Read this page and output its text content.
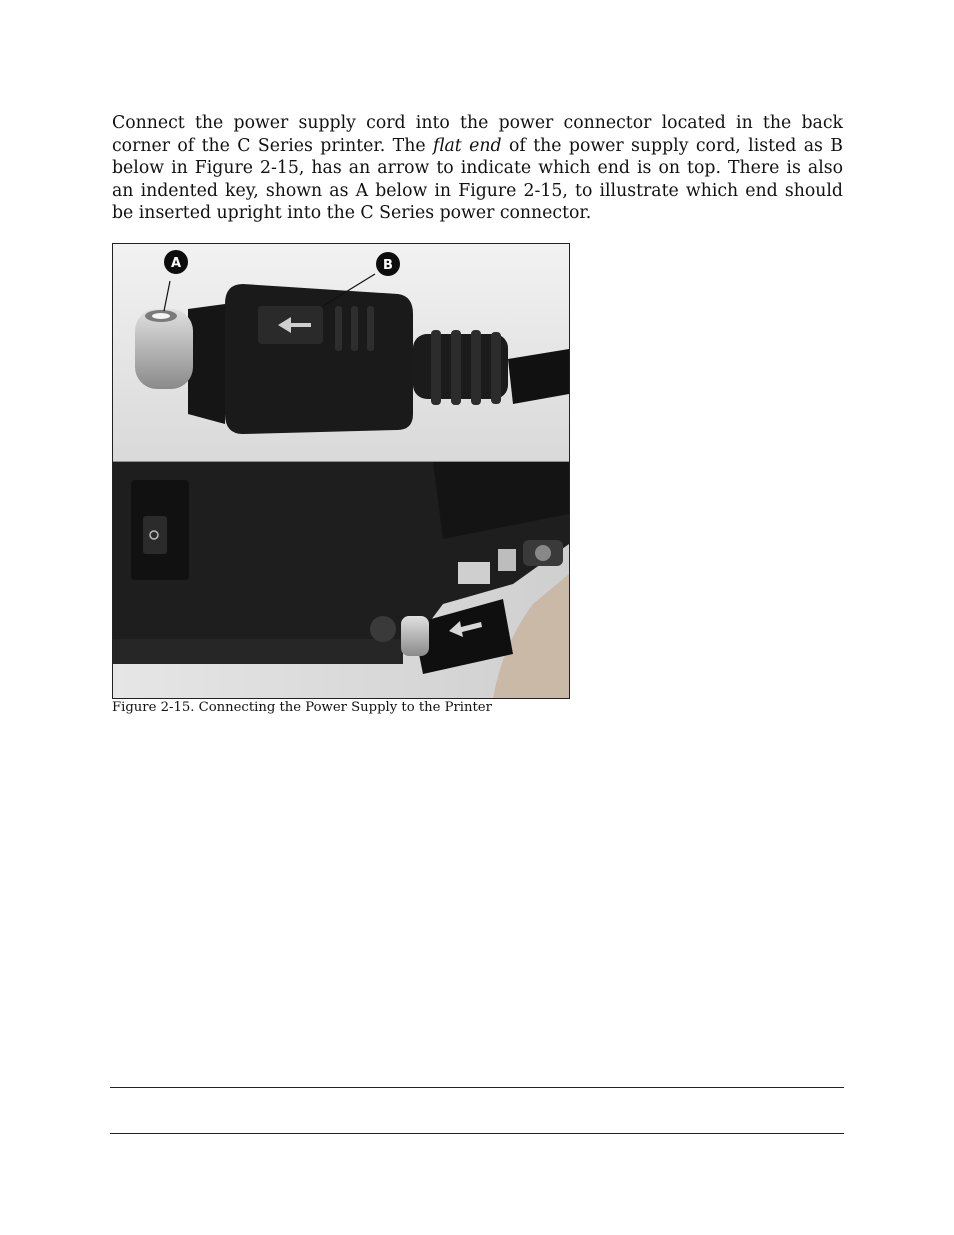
Connect the power supply cord into the power connector located in the back corner of the C Series printer. The flat end of the power supply cord, listed as B below in Figure 2-15, has an arrow to indicate which end is on top. There is also an indented key, shown as A below in Figure 2-15, to illustrate which end should be inserted upright into the C Series power connector.

A	B
Figure 2-15. Connecting the Power Supply to the Printer
